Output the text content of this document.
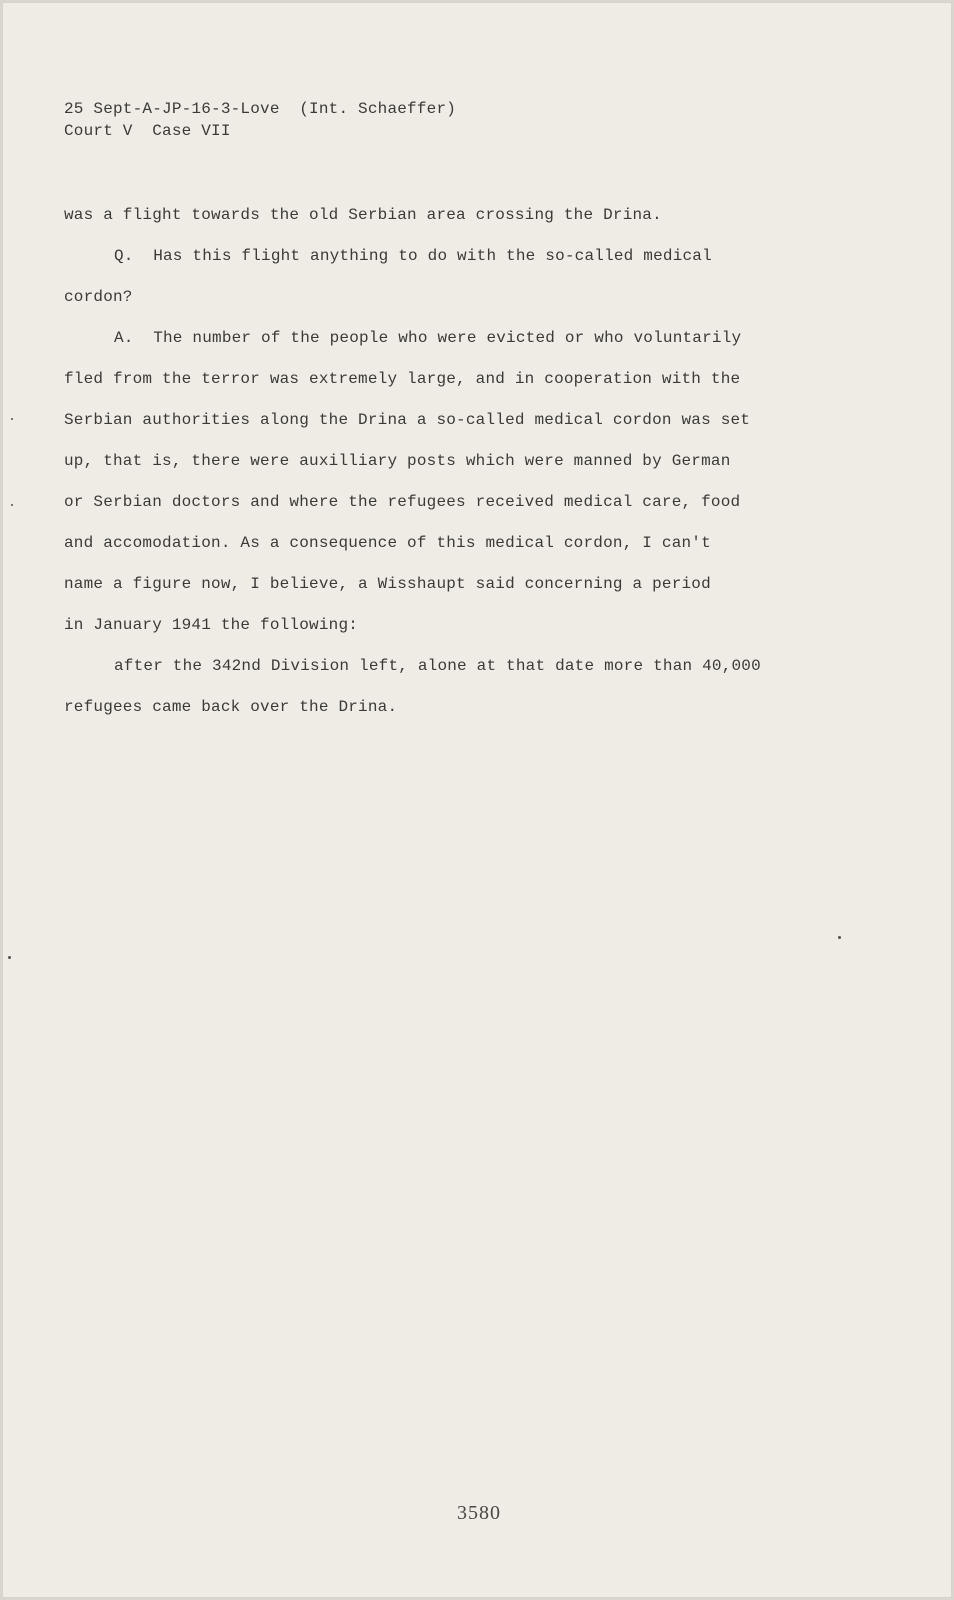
25 Sept-A-JP-16-3-Love  (Int. Schaeffer)
Court V  Case VII
was a flight towards the old Serbian area crossing the Drina.
Q.  Has this flight anything to do with the so-called medical
cordon?
A.  The number of the people who were evicted or who voluntarily
fled from the terror was extremely large, and in cooperation with the
Serbian authorities along the Drina a so-called medical cordon was set
up, that is, there were auxilliary posts which were manned by German
or Serbian doctors and where the refugees received medical care, food
and accomodation. As a consequence of this medical cordon, I can't
name a figure now, I believe, a Wisshaupt said concerning a period
in January 1941 the following:
after the 342nd Division left, alone at that date more than 40,000
refugees came back over the Drina.
3580
